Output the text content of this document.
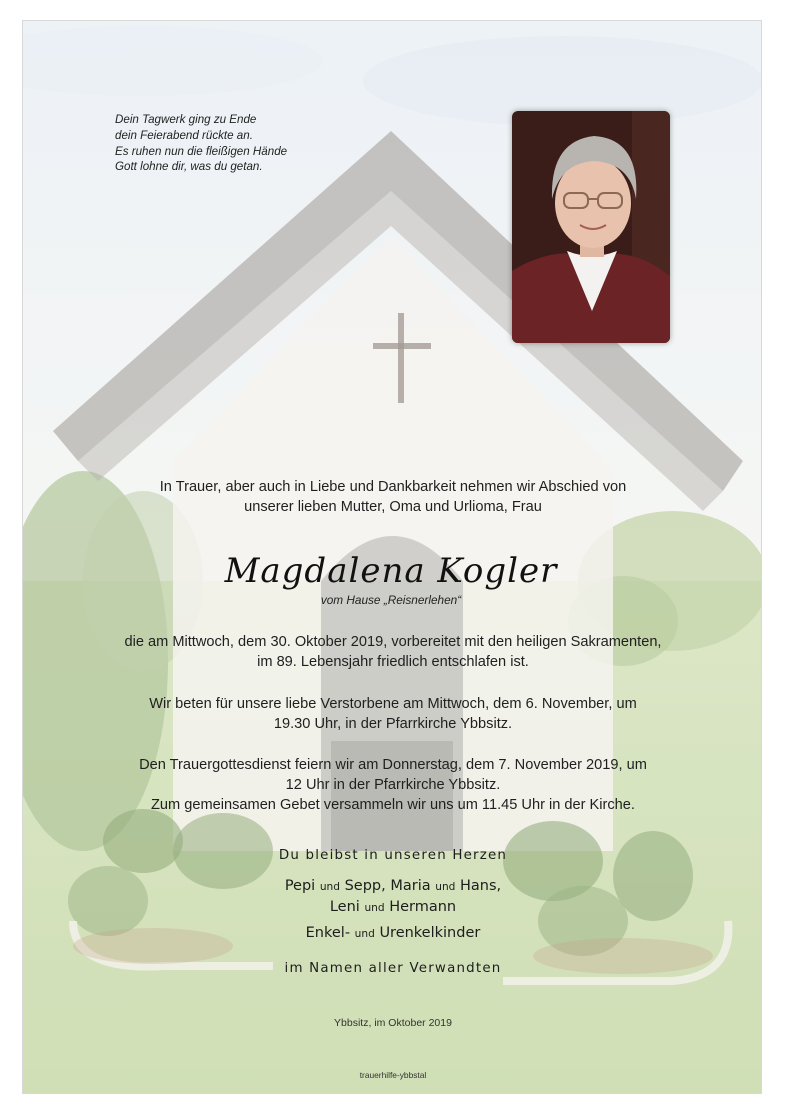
Dein Tagwerk ging zu Ende
dein Feierabend rückte an.
Es ruhen nun die fleißigen Hände
Gott lohne dir, was du getan.
In Trauer, aber auch in Liebe und Dankbarkeit nehmen wir Abschied von
unserer lieben Mutter, Oma und Urlioma, Frau
Magdalena Kogler
vom Hause „Reisnerlehen“
die am Mittwoch, dem 30. Oktober 2019, vorbereitet mit den heiligen Sakramenten,
im 89. Lebensjahr friedlich entschlafen ist.
Wir beten für unsere liebe Verstorbene am Mittwoch, dem 6. November, um
19.30 Uhr, in der Pfarrkirche Ybbsitz.
Den Trauergottesdienst feiern wir am Donnerstag, dem 7. November 2019, um
12 Uhr in der Pfarrkirche Ybbsitz.
Zum gemeinsamen Gebet versammeln wir uns um 11.45 Uhr in der Kirche.
Du bleibst in unseren Herzen
Pepi und Sepp, Maria und Hans,
Leni und Hermann
Enkel- und Urenkelkinder
im Namen aller Verwandten
Ybbsitz, im Oktober 2019
trauerhilfe-ybbstal
